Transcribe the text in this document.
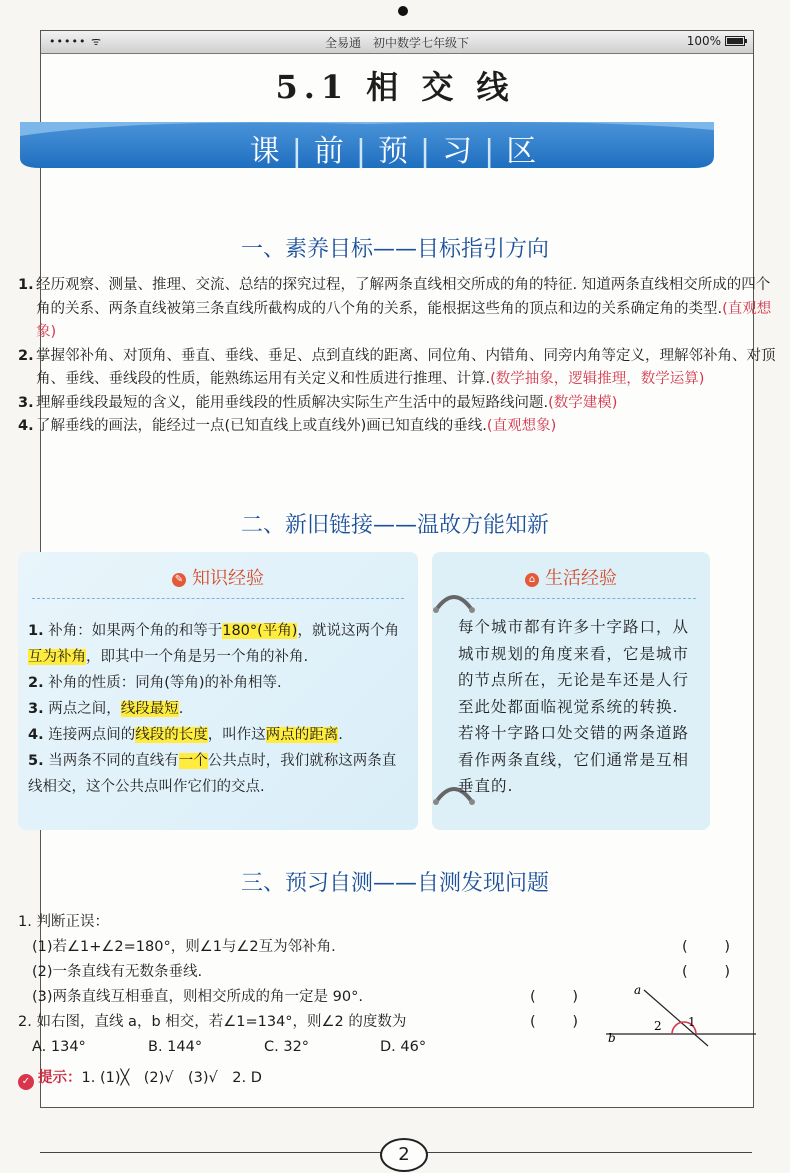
••••• ᯤ	全易通　初中数学七年级下	100%
5.1 相 交 线
课 | 前 | 预 | 习 | 区
一、素养目标——目标指引方向
1. 经历观察、测量、推理、交流、总结的探究过程，了解两条直线相交所成的角的特征. 知道两条直线相交所成的四个角的关系、两条直线被第三条直线所截构成的八个角的关系，能根据这些角的顶点和边的关系确定角的类型.(直观想象)
2. 掌握邻补角、对顶角、垂直、垂线、垂足、点到直线的距离、同位角、内错角、同旁内角等定义，理解邻补角、对顶角、垂线、垂线段的性质，能熟练运用有关定义和性质进行推理、计算.(数学抽象，逻辑推理，数学运算)
3. 理解垂线段最短的含义，能用垂线段的性质解决实际生产生活中的最短路线问题.(数学建模)
4. 了解垂线的画法，能经过一点(已知直线上或直线外)画已知直线的垂线.(直观想象)
二、新旧链接——温故方能知新
✎ 知识经验	⌂ 生活经验
1. 补角：如果两个角的和等于180°(平角)，就说这两个角互为补角，即其中一个角是另一个角的补角.
2. 补角的性质：同角(等角)的补角相等.
3. 两点之间，线段最短.
4. 连接两点间的线段的长度，叫作这两点的距离.
5. 当两条不同的直线有一个公共点时，我们就称这两条直线相交，这个公共点叫作它们的交点.
每个城市都有许多十字路口，从城市规划的角度来看，它是城市的节点所在，无论是车还是人行至此处都面临视觉系统的转换. 若将十字路口处交错的两条道路看作两条直线，它们通常是互相垂直的.
三、预习自测——自测发现问题
1. 判断正误：
(1)若∠1+∠2=180°，则∠1与∠2互为邻补角.	(	)
(2)一条直线有无数条垂线.	(	)
(3)两条直线互相垂直，则相交所成的角一定是 90°.	(	)
2. 如右图，直线 a，b 相交，若∠1=134°，则∠2 的度数为	(	)
A. 134°	B. 144°	C. 32°	D. 46°
a
b
1
2
✓ 提示：1. (1)╳　(2)√　(3)√　2. D
2
